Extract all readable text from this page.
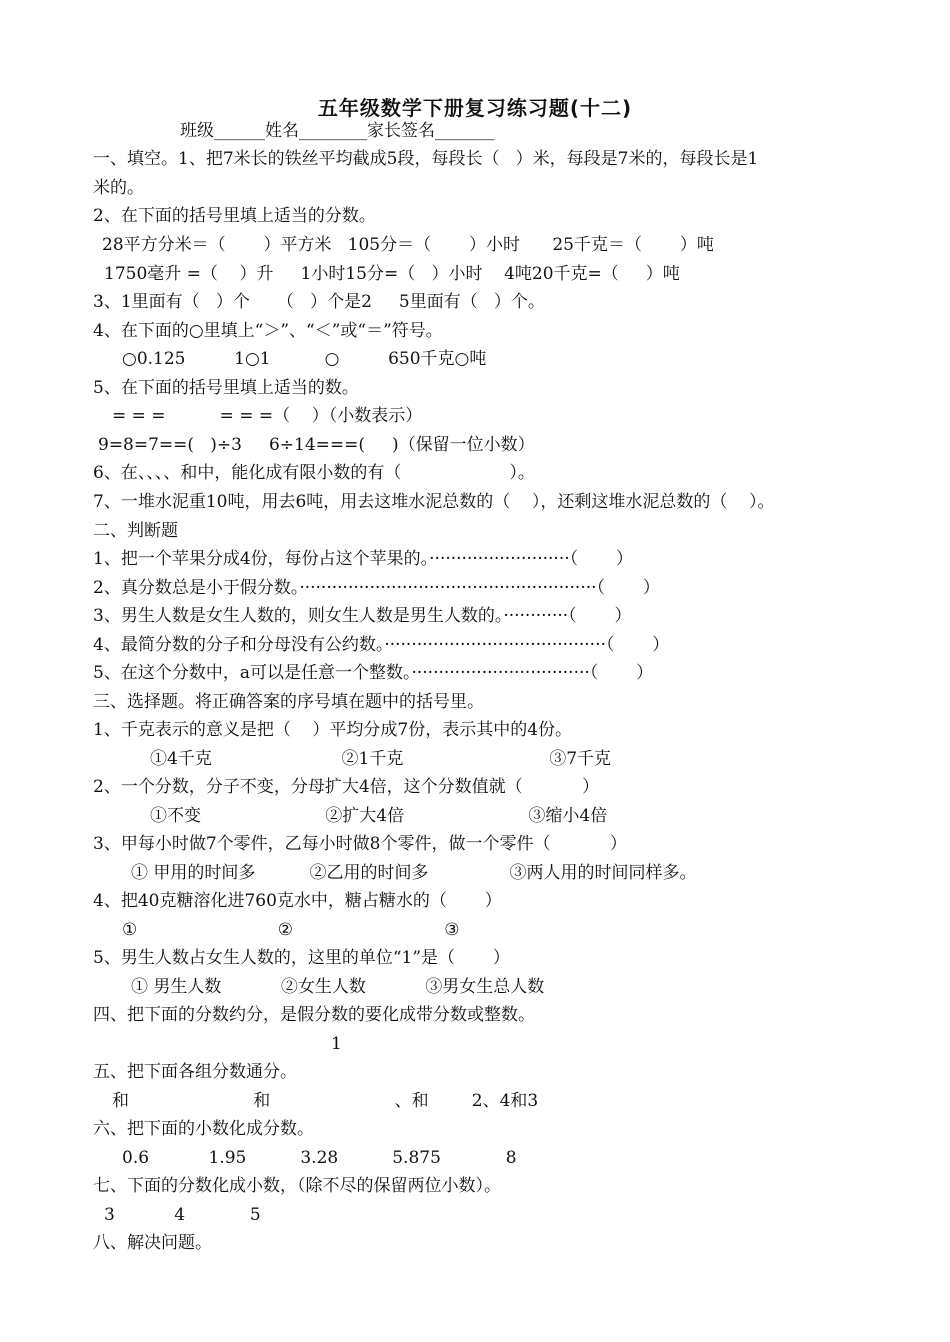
五年级数学下册复习练习题(十二)
班级______姓名________家长签名_______
一、填空。1、把7米长的铁丝平均截成5段，每段长（   ）米，每段是7米的，每段长是1
米的。
2、在下面的括号里填上适当的分数。
28平方分米＝（       ）平方米   105分＝（       ）小时      25千克＝（       ）吨
1750毫升 =（    ）升     1小时15分=（   ）小时    4吨20千克=（     ）吨
3、1里面有（   ）个     （   ）个是2     5里面有（   ）个。
4、在下面的○里填上“＞”、“＜”或“＝”符号。
○0.125         1○1          ○         650千克○吨
5、在下面的括号里填上适当的数。
= = =          = = =（    ）（小数表示）
9=8=7==(   )÷3     6÷14===(     )（保留一位小数）
6、在、、、、和中，能化成有限小数的有（                    ）。
7、一堆水泥重10吨，用去6吨，用去这堆水泥总数的（    ），还剩这堆水泥总数的（    ）。
二、判断题
1、把一个苹果分成4份，每份占这个苹果的。··························（       ）
2、真分数总是小于假分数。·······················································（       ）
3、男生人数是女生人数的，则女生人数是男生人数的。············（       ）
4、最简分数的分子和分母没有公约数。·········································（       ）
5、在这个分数中，a可以是任意一个整数。·································（       ）
三、选择题。将正确答案的序号填在题中的括号里。
1、千克表示的意义是把（    ）平均分成7份，表示其中的4份。
①4千克                        ②1千克                           ③7千克
2、一个分数，分子不变，分母扩大4倍，这个分数值就（           ）
①不变                       ②扩大4倍                       ③缩小4倍
3、甲每小时做7个零件，乙每小时做8个零件，做一个零件（           ）
① 甲用的时间多          ②乙用的时间多               ③两人用的时间同样多。
4、把40克糖溶化进760克水中，糖占糖水的（       ）
①                          ②                            ③
5、男生人数占女生人数的，这里的单位“1”是（       ）
① 男生人数           ②女生人数           ③男女生总人数
四、把下面的分数约分，是假分数的要化成带分数或整数。
1
五、把下面各组分数通分。
和                       和                       、和        2、4和3
六、把下面的小数化成分数。
0.6           1.95          3.28          5.875            8
七、下面的分数化成小数，（除不尽的保留两位小数）。
3           4            5
八、解决问题。
